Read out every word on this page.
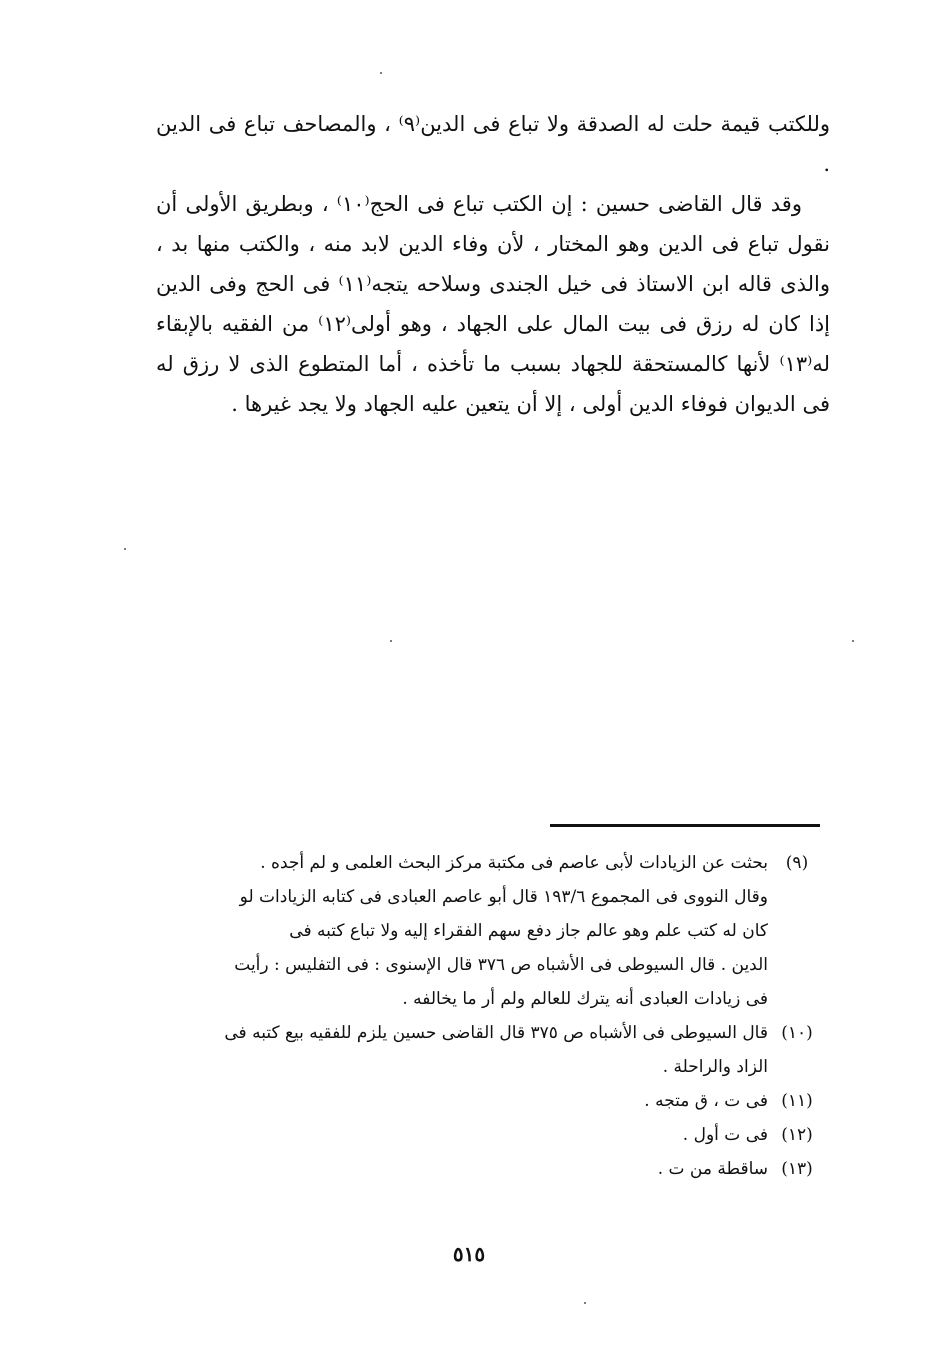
وللكتب قيمة حلت له الصدقة ولا تباع فى الدين⁽٩⁾ ، والمصاحف تباع فى الدين .

وقد قال القاضى حسين : إن الكتب تباع فى الحج⁽١٠⁾ ، وبطريق الأولى أن نقول تباع فى الدين وهو المختار ، لأن وفاء الدين لابد منه ، والكتب منها بد ، والذى قاله ابن الاستاذ فى خيل الجندى وسلاحه يتجه⁽١١⁾ فى الحج وفى الدين إذا كان له رزق فى بيت المال على الجهاد ، وهو أولى⁽١٢⁾ من الفقيه بالإبقاء له⁽١٣⁾ لأنها كالمستحقة للجهاد بسبب ما تأخذه ، أما المتطوع الذى لا رزق له فى الديوان فوفاء الدين أولى ، إلا أن يتعين عليه الجهاد ولا يجد غيرها .

(٩)
بحثت عن الزيادات لأبى عاصم فى مكتبة مركز البحث العلمى و لم أجده .
وقال النووى فى المجموع ١٩٣/٦ قال أبو عاصم العبادى فى كتابه الزيادات لو
كان له كتب علم وهو عالم جاز دفع سهم الفقراء إليه ولا تباع كتبه فى
الدين . قال السيوطى فى الأشباه ص ٣٧٦ قال الإسنوى : فى التفليس : رأيت
فى زيادات العبادى أنه يترك للعالم ولم أر ما يخالفه .
(١٠)
قال السيوطى فى الأشباه ص ٣٧٥ قال القاضى حسين يلزم للفقيه بيع كتبه فى
الزاد والراحلة .
(١١)
فى ت ، ق متجه .
(١٢)
فى ت أول .
(١٣)
ساقطة من ت .
٥١٥
